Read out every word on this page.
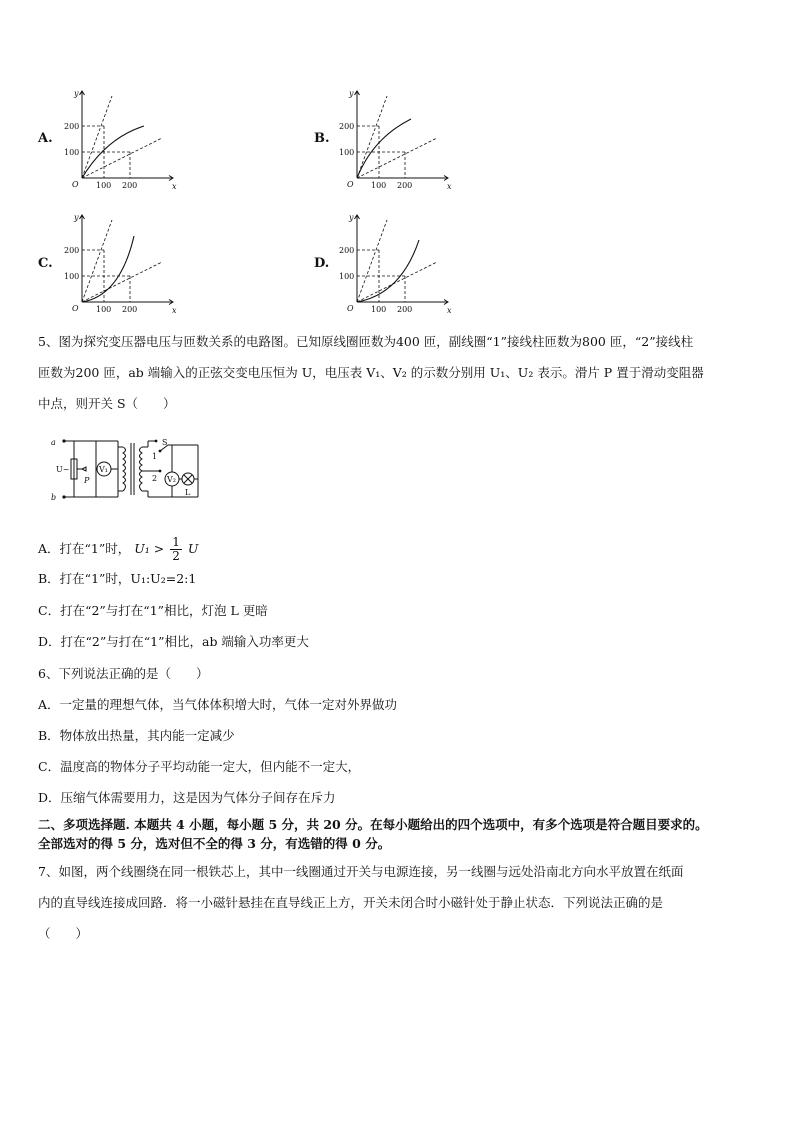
A.
y
x
O
200
100
100 200
B.
y
x
O
200
100
100 200
C.
y
x
O
200
100
100 200
D.
y
x
O
200
100
100 200
5、图为探究变压器电压与匝数关系的电路图。已知原线圈匝数为400 匝，副线圈“1”接线柱匝数为800 匝，“2”接线柱
匝数为200 匝，ab 端输入的正弦交变电压恒为 U，电压表 V₁、V₂ 的示数分别用 U₁、U₂ 表示。滑片 P 置于滑动变阻器
中点，则开关 S（　　）
a
b
U~
P
V₁
1
2
S
V₂
L
A．打在“1”时， $U_1 > \frac{1}{2}$ U
B．打在“1”时，U₁:U₂=2:1
C．打在“2”与打在“1”相比，灯泡 L 更暗
D．打在“2”与打在“1”相比，ab 端输入功率更大
6、下列说法正确的是（　　）
A．一定量的理想气体，当气体体积增大时，气体一定对外界做功
B．物体放出热量，其内能一定减少
C．温度高的物体分子平均动能一定大，但内能不一定大，
D．压缩气体需要用力，这是因为气体分子间存在斥力
二、多项选择题. 本题共 4 小题，每小题 5 分，共 20 分。在每小题给出的四个选项中，有多个选项是符合题目要求的。
全部选对的得 5 分，选对但不全的得 3 分，有选错的得 0 分。
7、如图，两个线圈绕在同一根铁芯上，其中一线圈通过开关与电源连接，另一线圈与远处沿南北方向水平放置在纸面
内的直导线连接成回路．将一小磁针悬挂在直导线正上方，开关未闭合时小磁针处于静止状态．下列说法正确的是
（　　）
